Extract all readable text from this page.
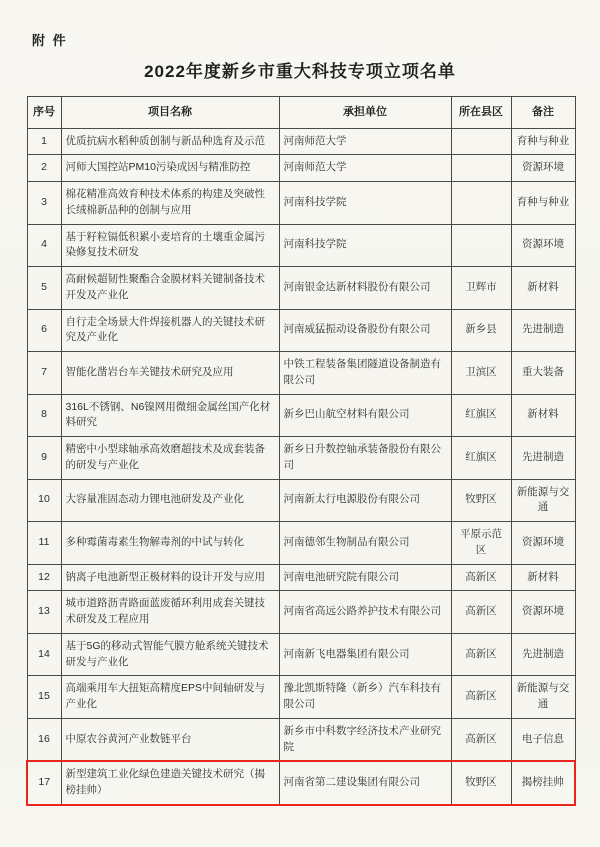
附 件
2022年度新乡市重大科技专项立项名单
序号	项目名称	承担单位	所在县区	备注
1	优质抗病水稻种质创制与新品种选育及示范	河南师范大学		育种与种业
2	河师大国控站PM10污染成因与精准防控	河南师范大学		资源环境
3	棉花精准高效育种技术体系的构建及突破性长绒棉新品种的创制与应用	河南科技学院		育种与种业
4	基于籽粒镉低积累小麦培育的土壤重金属污染修复技术研发	河南科技学院		资源环境
5	高耐候超韧性聚酯合金膜材料关键制备技术开发及产业化	河南银金达新材料股份有限公司	卫辉市	新材料
6	自行走全场景大件焊接机器人的关键技术研究及产业化	河南威猛振动设备股份有限公司	新乡县	先进制造
7	智能化凿岩台车关键技术研究及应用	中铁工程装备集团隧道设备制造有限公司	卫滨区	重大装备
8	316L不锈钢、N6镍网用微细金属丝国产化材料研究	新乡巴山航空材料有限公司	红旗区	新材料
9	精密中小型球轴承高效磨超技术及成套装备的研发与产业化	新乡日升数控轴承装备股份有限公司	红旗区	先进制造
10	大容量准固态动力锂电池研发及产业化	河南新太行电源股份有限公司	牧野区	新能源与交通
11	多种霉菌毒素生物解毒剂的中试与转化	河南德邻生物制品有限公司	平原示范区	资源环境
12	钠离子电池新型正极材料的设计开发与应用	河南电池研究院有限公司	高新区	新材料
13	城市道路沥青路面蓝废循环利用成套关键技术研发及工程应用	河南省高远公路养护技术有限公司	高新区	资源环境
14	基于5G的移动式智能气膜方舱系统关键技术研发与产业化	河南新飞电器集团有限公司	高新区	先进制造
15	高端乘用车大扭矩高精度EPS中间轴研发与产业化	豫北凯斯特隆（新乡）汽车科技有限公司	高新区	新能源与交通
16	中原农谷黄河产业数链平台	新乡市中科数字经济技术产业研究院	高新区	电子信息
17	新型建筑工业化绿色建造关键技术研究（揭榜挂帅）	河南省第二建设集团有限公司	牧野区	揭榜挂帅
